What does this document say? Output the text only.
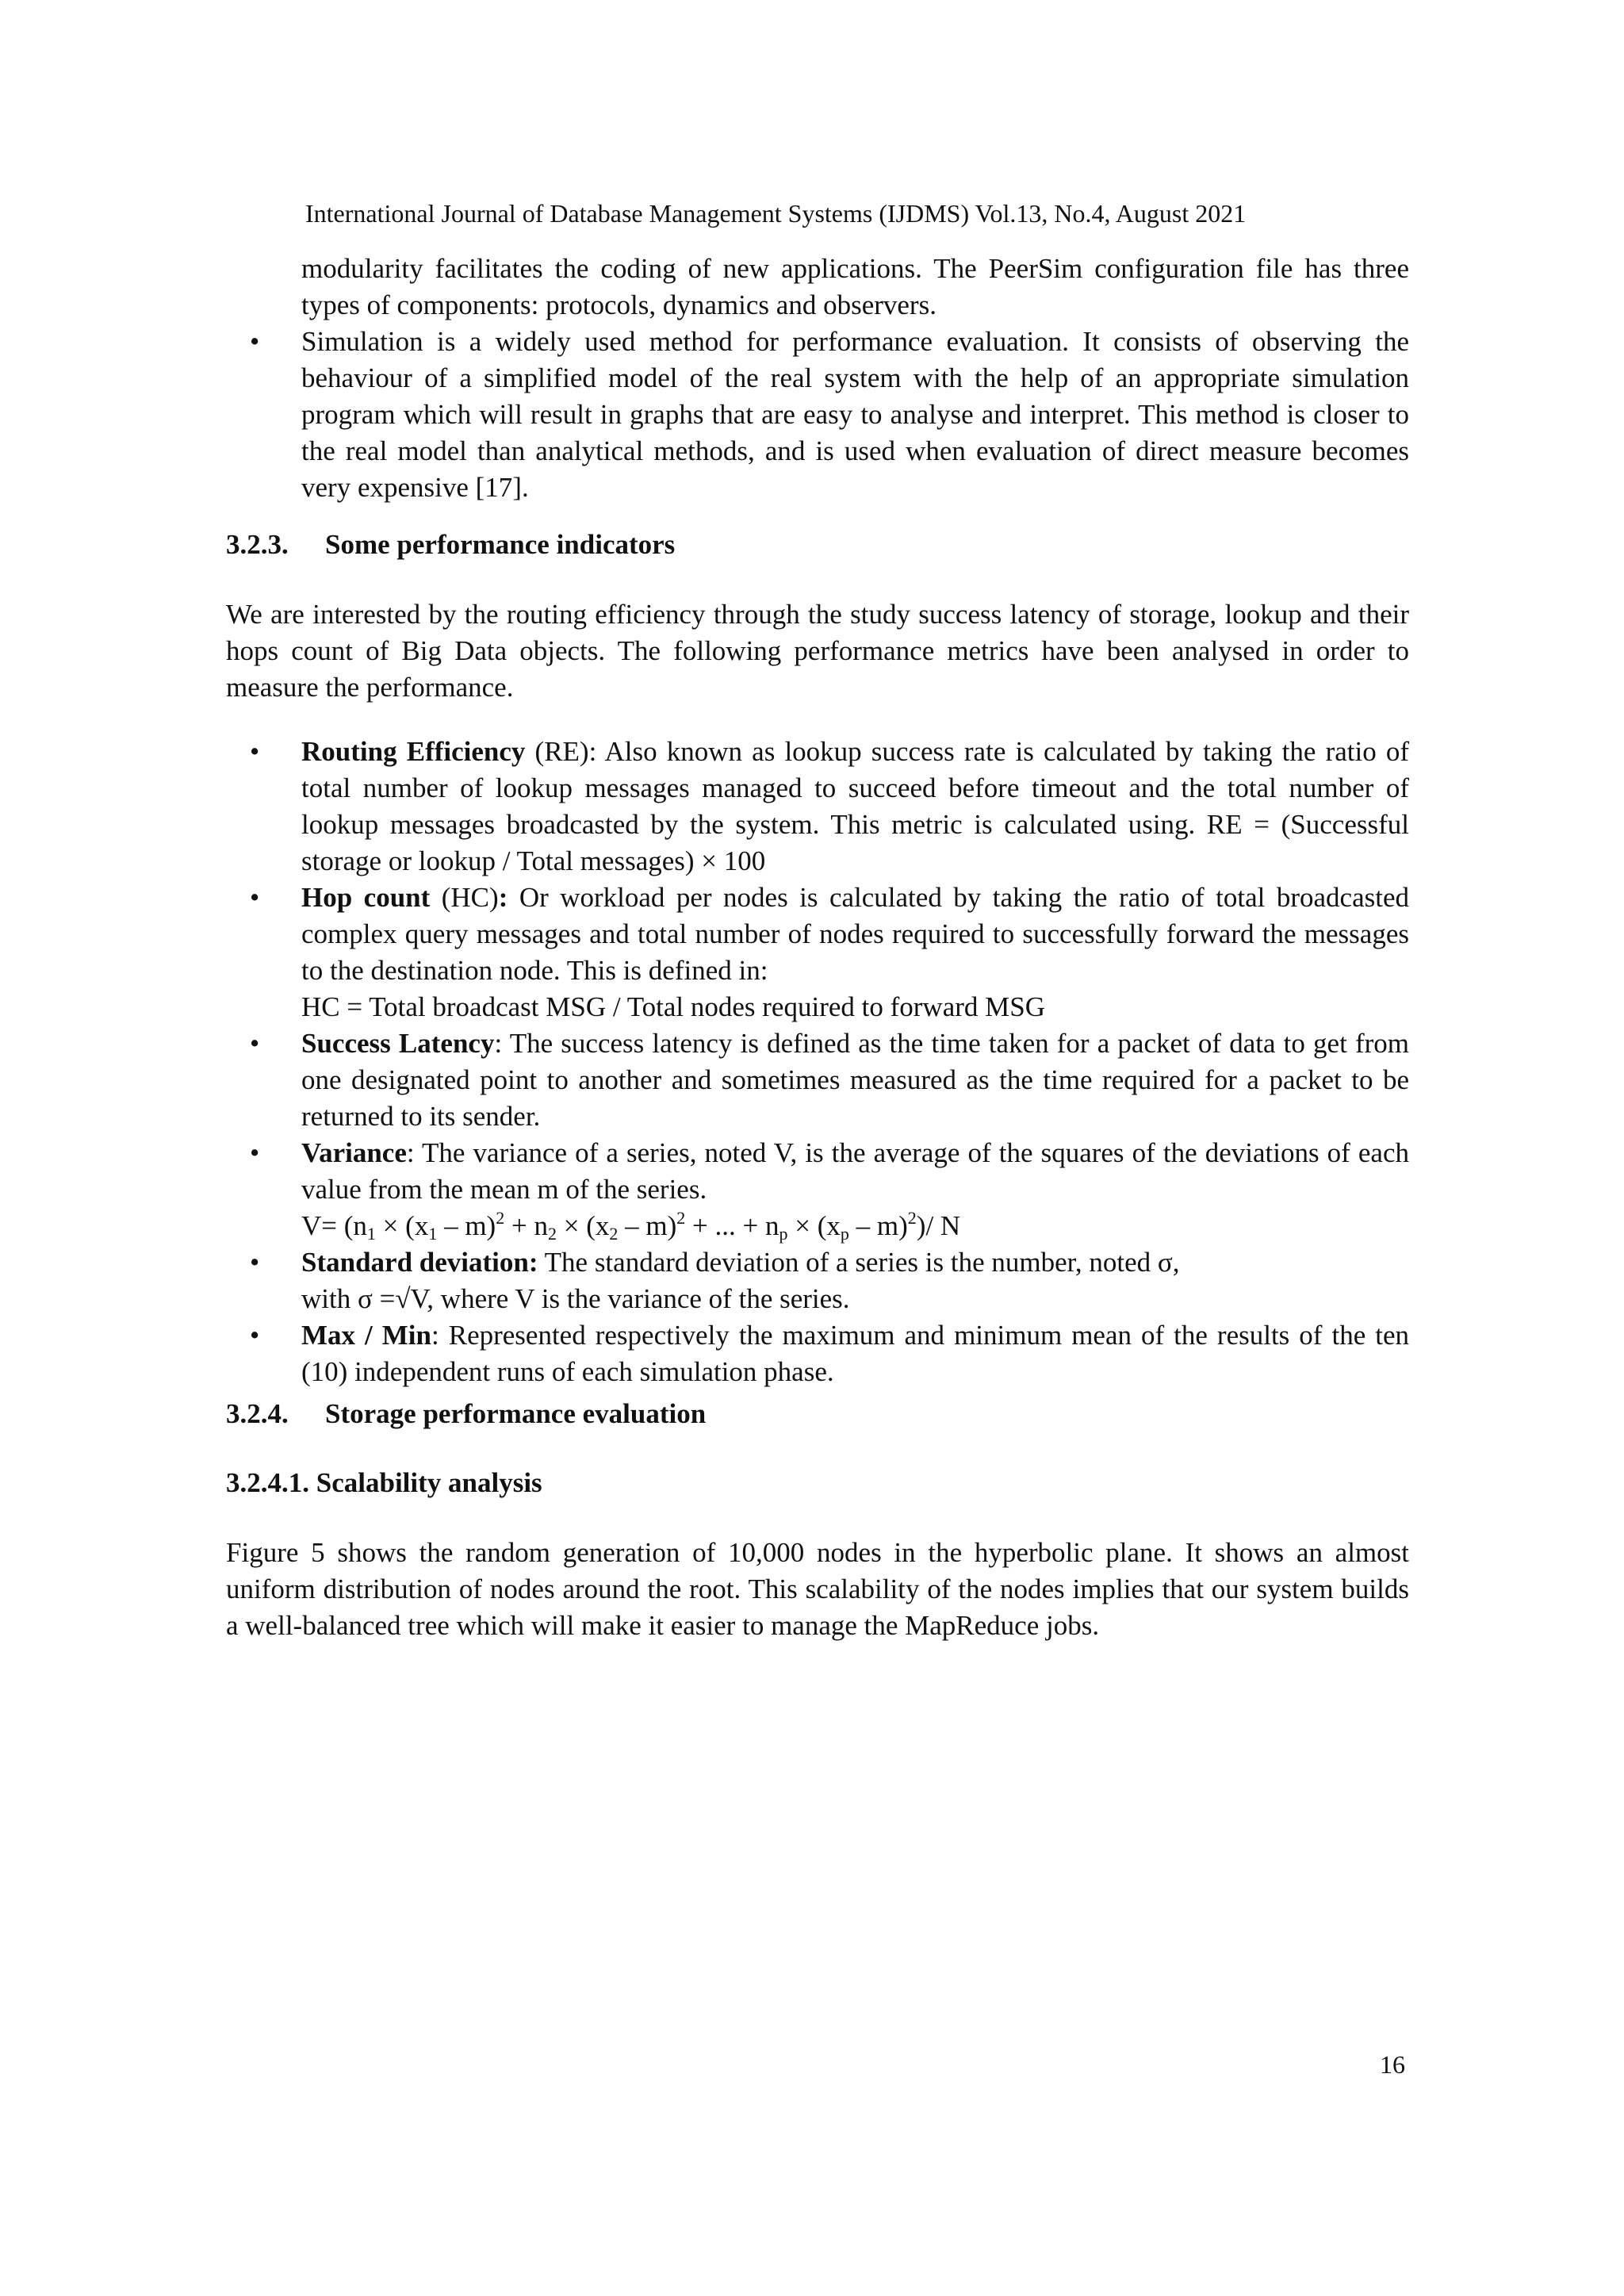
International Journal of Database Management Systems (IJDMS) Vol.13, No.4, August 2021

modularity facilitates the coding of new applications. The PeerSim configuration file has three types of components: protocols, dynamics and observers.

•	Simulation is a widely used method for performance evaluation. It consists of observing the behaviour of a simplified model of the real system with the help of an appropriate simulation program which will result in graphs that are easy to analyse and interpret. This method is closer to the real model than analytical methods, and is used when evaluation of direct measure becomes very expensive [17].
3.2.3. Some performance indicators

We are interested by the routing efficiency through the study success latency of storage, lookup and their hops count of Big Data objects. The following performance metrics have been analysed in order to measure the performance.

•	Routing Efficiency (RE): Also known as lookup success rate is calculated by taking the ratio of total number of lookup messages managed to succeed before timeout and the total number of lookup messages broadcasted by the system. This metric is calculated using. RE = (Successful storage or lookup / Total messages) × 100
•	Hop count (HC): Or workload per nodes is calculated by taking the ratio of total broadcasted complex query messages and total number of nodes required to successfully forward the messages to the destination node. This is defined in:
HC = Total broadcast MSG / Total nodes required to forward MSG
•	Success Latency: The success latency is defined as the time taken for a packet of data to get from one designated point to another and sometimes measured as the time required for a packet to be returned to its sender.
•	Variance: The variance of a series, noted V, is the average of the squares of the deviations of each value from the mean m of the series.
$V= (n_1 \times (x_1 - m)^2 + n_2 \times (x_2 - m)^2$ + ... + $n_p \times (x_p - m)^2)/$ N
•	Standard deviation: The standard deviation of a series is the number, noted σ,
with σ =√V, where V is the variance of the series.
•	Max / Min: Represented respectively the maximum and minimum mean of the results of the ten (10) independent runs of each simulation phase.
3.2.4. Storage performance evaluation
3.2.4.1. Scalability analysis

Figure 5 shows the random generation of 10,000 nodes in the hyperbolic plane. It shows an almost uniform distribution of nodes around the root. This scalability of the nodes implies that our system builds a well-balanced tree which will make it easier to manage the MapReduce jobs.

16
